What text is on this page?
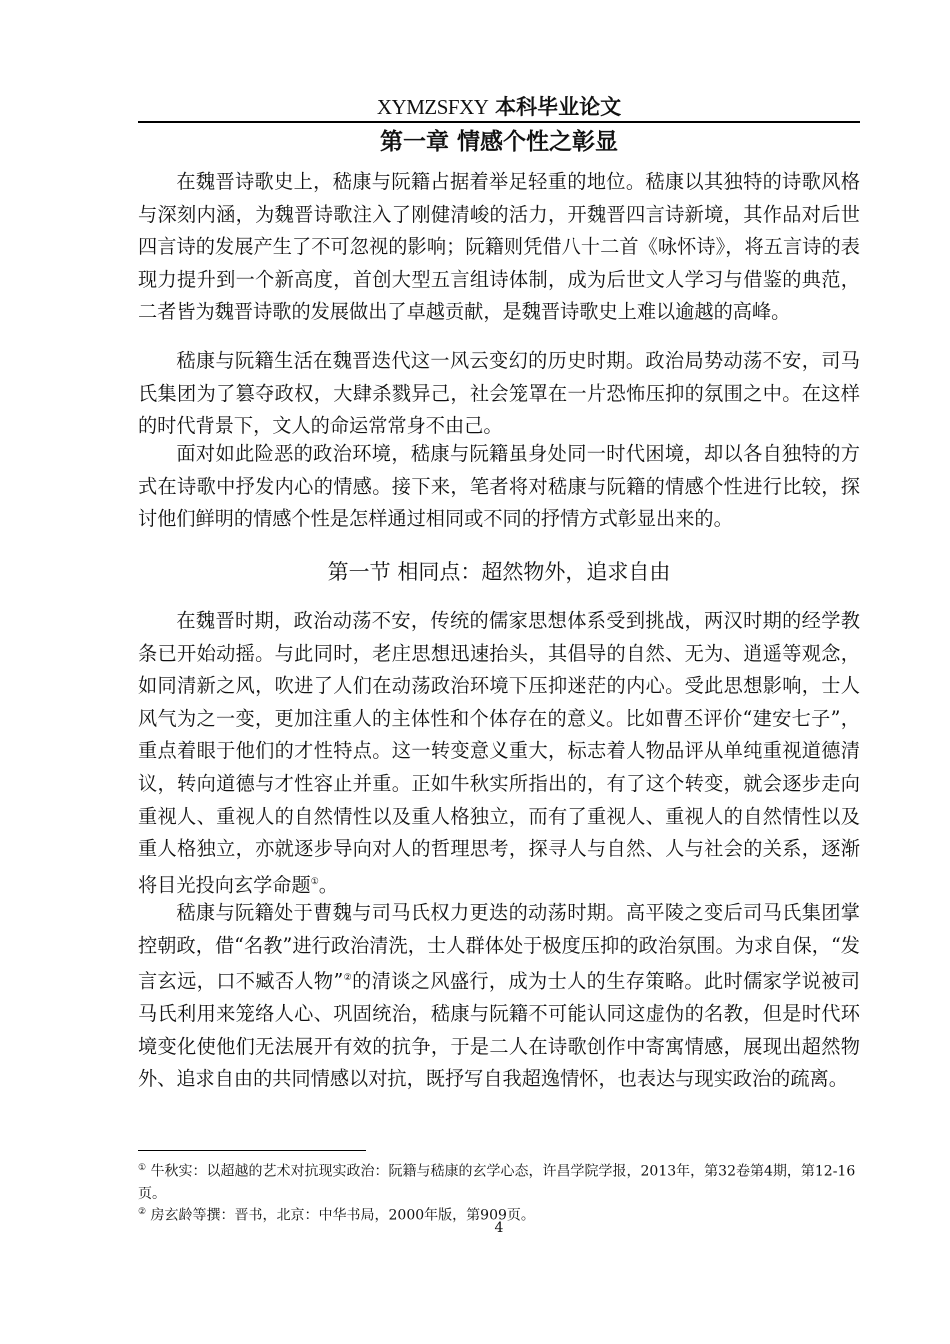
XYMZSFXY 本科毕业论文
第一章 情感个性之彰显

在魏晋诗歌史上，嵇康与阮籍占据着举足轻重的地位。嵇康以其独特的诗歌风格与深刻内涵，为魏晋诗歌注入了刚健清峻的活力，开魏晋四言诗新境，其作品对后世四言诗的发展产生了不可忽视的影响；阮籍则凭借八十二首《咏怀诗》，将五言诗的表现力提升到一个新高度，首创大型五言组诗体制，成为后世文人学习与借鉴的典范，二者皆为魏晋诗歌的发展做出了卓越贡献，是魏晋诗歌史上难以逾越的高峰。

嵇康与阮籍生活在魏晋迭代这一风云变幻的历史时期。政治局势动荡不安，司马氏集团为了篡夺政权，大肆杀戮异己，社会笼罩在一片恐怖压抑的氛围之中。在这样的时代背景下，文人的命运常常身不由己。

面对如此险恶的政治环境，嵇康与阮籍虽身处同一时代困境，却以各自独特的方式在诗歌中抒发内心的情感。接下来，笔者将对嵇康与阮籍的情感个性进行比较，探讨他们鲜明的情感个性是怎样通过相同或不同的抒情方式彰显出来的。

第一节 相同点：超然物外，追求自由

在魏晋时期，政治动荡不安，传统的儒家思想体系受到挑战，两汉时期的经学教条已开始动摇。与此同时，老庄思想迅速抬头，其倡导的自然、无为、逍遥等观念，如同清新之风，吹进了人们在动荡政治环境下压抑迷茫的内心。受此思想影响，士人风气为之一变，更加注重人的主体性和个体存在的意义。比如曹丕评价“建安七子”，重点着眼于他们的才性特点。这一转变意义重大，标志着人物品评从单纯重视道德清议，转向道德与才性容止并重。正如牛秋实所指出的，有了这个转变，就会逐步走向重视人、重视人的自然情性以及重人格独立，而有了重视人、重视人的自然情性以及重人格独立，亦就逐步导向对人的哲理思考，探寻人与自然、人与社会的关系，逐渐将目光投向玄学命题①。

嵇康与阮籍处于曹魏与司马氏权力更迭的动荡时期。高平陵之变后司马氏集团掌控朝政，借“名教”进行政治清洗，士人群体处于极度压抑的政治氛围。为求自保，“发言玄远，口不臧否人物”②的清谈之风盛行，成为士人的生存策略。此时儒家学说被司马氏利用来笼络人心、巩固统治，嵇康与阮籍不可能认同这虚伪的名教，但是时代环境变化使他们无法展开有效的抗争，于是二人在诗歌创作中寄寓情感，展现出超然物外、追求自由的共同情感以对抗，既抒写自我超逸情怀，也表达与现实政治的疏离。

① 牛秋实：以超越的艺术对抗现实政治：阮籍与嵇康的玄学心态，许昌学院学报，2013年，第32卷第4期，第12-16页。
② 房玄龄等撰：晋书，北京：中华书局，2000年版，第909页。
4
